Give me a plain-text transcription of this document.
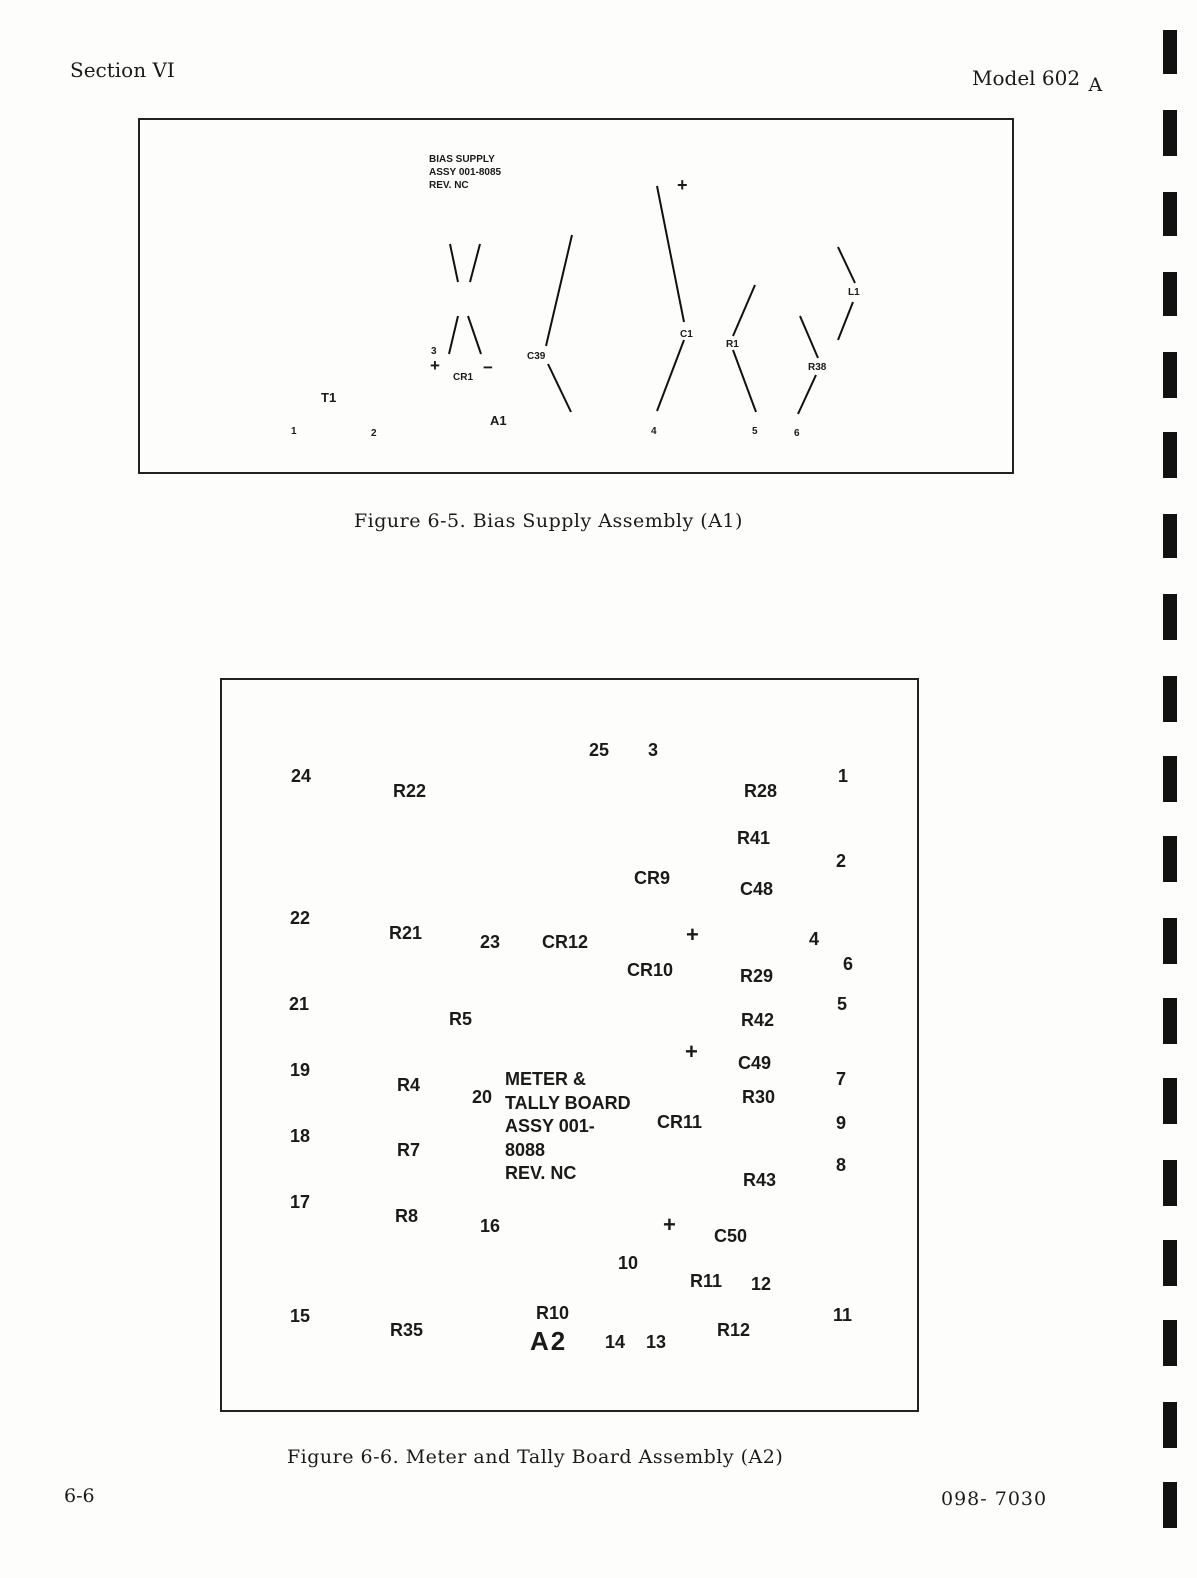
Section VI	Model 602 A
BIAS SUPPLY
ASSY 001-8085
REV. NC	+
L1
C1
R1
C39
3
+
CR1
−	R38
T1
A1
1	2	4	5	6
Figure 6-5. Bias Supply Assembly (A1)
25 3
24	1
R22	R28
R41
2
CR9
C48
22
R21	23 CR12	+	4
6
CR10	R29
21	5
R5	R42
+ C49
19	7
R4
20
METER &
TALLY BOARD
ASSY 001-
8088
REV. NC
R30
CR11	9
18
R7
8
R43
17
R8	16	+ C50
10
R11 12
15	R10	11
R35	R12
A2 14 13
Figure 6-6. Meter and Tally Board Assembly (A2)
6-6	098- 7030
